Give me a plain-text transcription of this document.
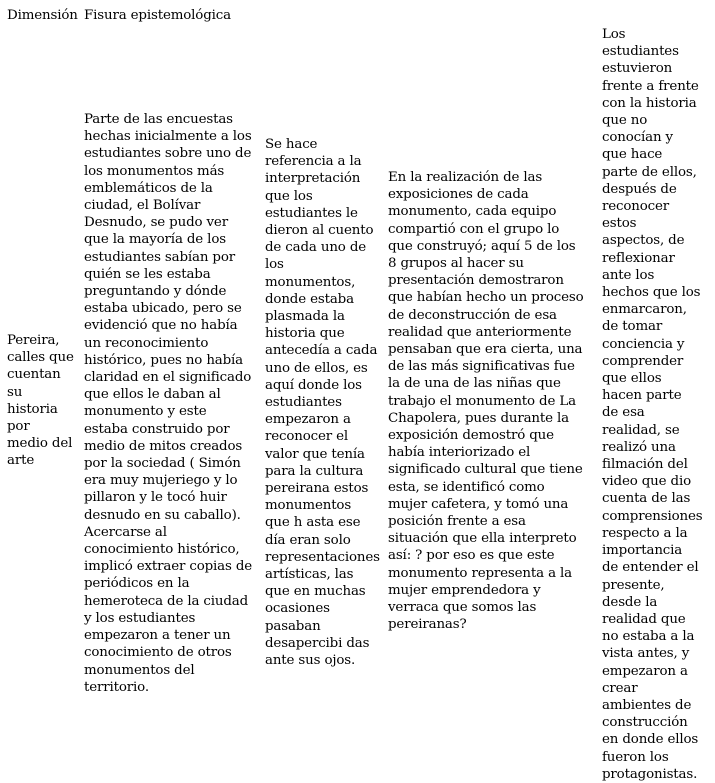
Dimensión Fisura epistemológica

Pereira,
calles que
cuentan
su
historia
por
medio del
arte

Parte de las encuestas
hechas inicialmente a los
estudiantes sobre uno de
los monumentos más
emblemáticos de la
ciudad, el Bolívar
Desnudo, se pudo ver
que la mayoría de los
estudiantes sabían por
quién se les estaba
preguntando y dónde
estaba ubicado, pero se
evidenció que no había
un reconocimiento
histórico, pues no había
claridad en el significado
que ellos le daban al
monumento y este
estaba construido por
medio de mitos creados
por la sociedad ( Simón
era muy mujeriego y lo
pillaron y le tocó huir
desnudo en su caballo).
Acercarse al
conocimiento histórico,
implicó extraer copias de
periódicos en la
hemeroteca de la ciudad
y los estudiantes
empezaron a tener un
conocimiento de otros
monumentos del
territorio.

Se hace
referencia a la
interpretación
que los
estudiantes le
dieron al cuento
de cada uno de
los
monumentos,
donde estaba
plasmada la
historia que
antecedía a cada
uno de ellos, es
aquí donde los
estudiantes
empezaron a
reconocer el
valor que tenía
para la cultura
pereirana estos
monumentos
que h asta ese
día eran solo
representaciones
artísticas, las
que en muchas
ocasiones
pasaban
desapercibi das
ante sus ojos.

En la realización de las
exposiciones de cada
monumento, cada equipo
compartió con el grupo lo
que construyó; aquí 5 de los
8 grupos al hacer su
presentación demostraron
que habían hecho un proceso
de deconstrucción de esa
realidad que anteriormente
pensaban que era cierta, una
de las más significativas fue
la de una de las niñas que
trabajo el monumento de La
Chapolera, pues durante la
exposición demostró que
había interiorizado el
significado cultural que tiene
esta, se identificó como
mujer cafetera, y tomó una
posición frente a esa
situación que ella interpreto
así: ? por eso es que este
monumento representa a la
mujer emprendedora y
verraca que somos las
pereiranas?

Los
estudiantes
estuvieron
frente a frente
con la historia
que no
conocían y
que hace
parte de ellos,
después de
reconocer
estos
aspectos, de
reflexionar
ante los
hechos que los
enmarcaron,
de tomar
conciencia y
comprender
que ellos
hacen parte
de esa
realidad, se
realizó una
filmación del
video que dio
cuenta de las
comprensiones
respecto a la
importancia
de entender el
presente,
desde la
realidad que
no estaba a la
vista antes, y
empezaron a
crear
ambientes de
construcción
en donde ellos
fueron los
protagonistas.
